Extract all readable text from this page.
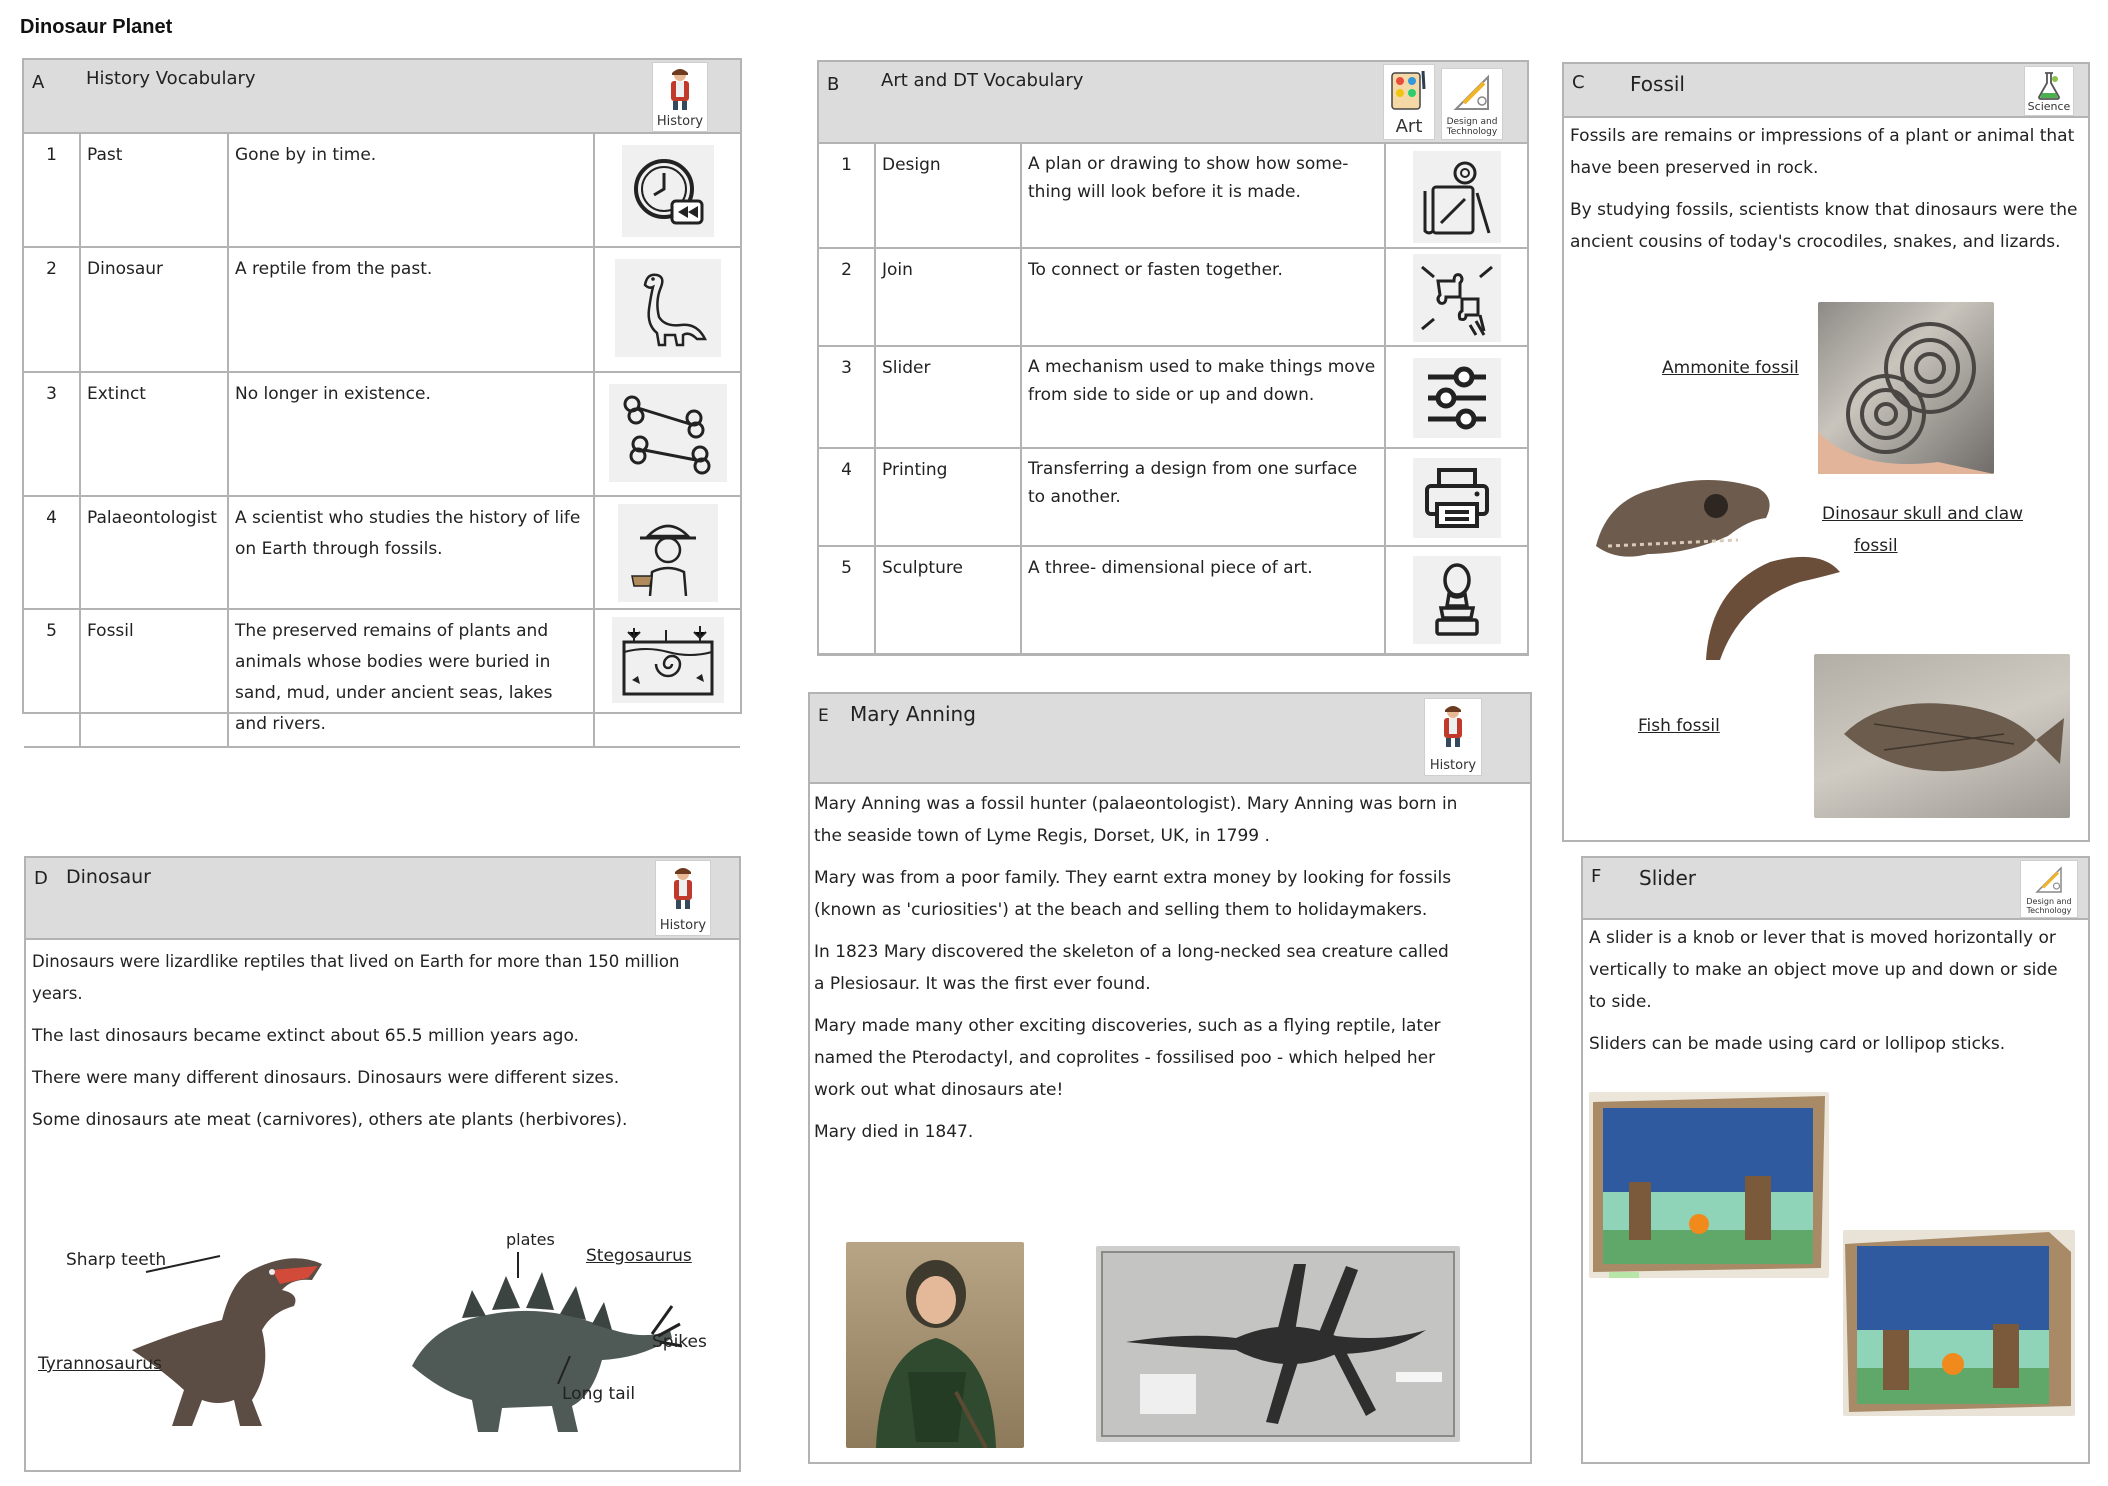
Dinosaur Planet
A History Vocabulary
History
1	Past	Gone by in time.	

2	Dinosaur	A reptile from the past.	

3	Extinct	No longer in existence.	

4	Palaeontologist	A scientist who studies the history of life on Earth through fossils.	

5	Fossil	The preserved remains of plants and animals whose bodies were buried in sand, mud, under ancient seas, lakes and rivers.	
B Art and DT Vocabulary
Art	Design and Technology
1	Design	A plan or drawing to show how some-thing will look before it is made.	

2	Join	To connect or fasten together.	

3	Slider	A mechanism used to make things move from side to side or up and down.	

4	Printing	Transferring a design from one surface to another.	

5	Sculpture	A three- dimensional piece of art.	
C Fossil
Science

Fossils are remains or impressions of a plant or animal that have been preserved in rock.

By studying fossils, scientists know that dinosaurs were the ancient cousins of today's crocodiles, snakes, and lizards.

Ammonite fossil
Dinosaur skull and claw
fossil
Fish fossil
D Dinosaur
History

Dinosaurs were lizardlike reptiles that lived on Earth for more than 150 million years.

The last dinosaurs became extinct about 65.5 million years ago.

There were many different dinosaurs. Dinosaurs were different sizes.

Some dinosaurs ate meat (carnivores), others ate plants (herbivores).

Sharp teeth
Tyrannosaurus
plates
Stegosaurus
Spikes
Long tail
E Mary Anning
History

Mary Anning was a fossil hunter (palaeontologist). Mary Anning was born in the seaside town of Lyme Regis, Dorset, UK, in 1799 .

Mary was from a poor family. They earnt extra money by looking for fossils (known as 'curiosities') at the beach and selling them to holidaymakers.

In 1823 Mary discovered the skeleton of a long-necked sea creature called a Plesiosaur. It was the first ever found.

Mary made many other exciting discoveries, such as a flying reptile, later named the Pterodactyl, and coprolites - fossilised poo - which helped her work out what dinosaurs ate!

Mary died in 1847.

F Slider
Design and Technology

A slider is a knob or lever that is moved horizontally or vertically to make an object move up and down or side to side.

Sliders can be made using card or lollipop sticks.
